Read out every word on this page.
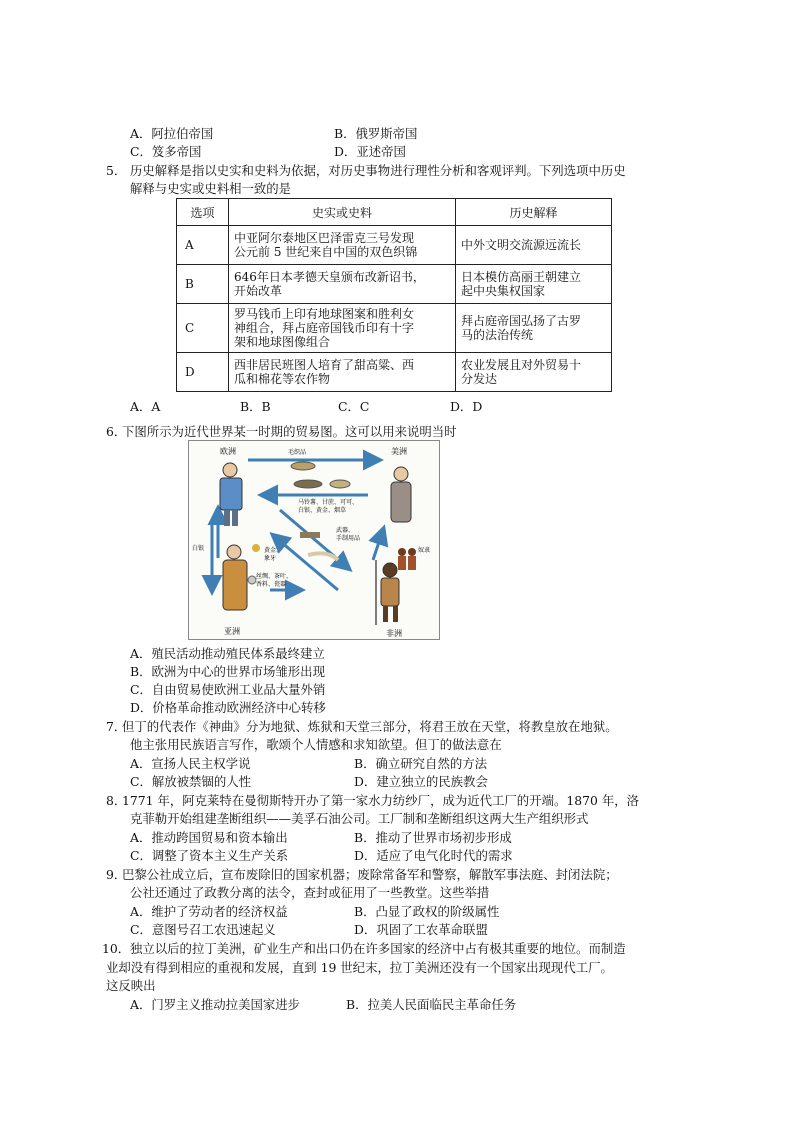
A．阿拉伯帝国	B．俄罗斯帝国
C．笈多帝国	D．亚述帝国
5． 历史解释是指以史实和史料为依据，对历史事物进行理性分析和客观评判。下列选项中历史
解释与史实或史料相一致的是
选项	史实或史料	历史解释
A	中亚阿尔泰地区巴泽雷克三号发现
公元前 5 世纪来自中国的双色织锦	中外文明交流源远流长
B	646年日本孝德天皇颁布改新诏书，
开始改革	日本模仿高丽王朝建立
起中央集权国家
C	罗马钱币上印有地球图案和胜利女
神组合，拜占庭帝国钱币印有十字
架和地球图像组合	拜占庭帝国弘扬了古罗
马的法治传统
D	西非居民班图人培育了甜高粱、西
瓜和棉花等农作物	农业发展且对外贸易十
分发达
A．A	B．B	C．C	D．D
6．
下图所示为近代世界某一时期的贸易图。这可以用来说明当时
欧洲	美洲
亚洲	非洲
毛织品
马铃薯、甘蔗、可可、
白银、黄金、烟草
武器、
手制用品
黄金、
象牙
白银
丝绸、茶叶、
香料、瓷器
奴隶
A．殖民活动推动殖民体系最终建立
B．欧洲为中心的世界市场雏形出现
C．自由贸易使欧洲工业品大量外销
D．价格革命推动欧洲经济中心转移
7．
但丁的代表作《神曲》分为地狱、炼狱和天堂三部分，将君王放在天堂，将教皇放在地狱。
他主张用民族语言写作，歌颂个人情感和求知欲望。但丁的做法意在
A．宣扬人民主权学说	B．确立研究自然的方法
C．解放被禁锢的人性	D．建立独立的民族教会
8．
1771 年，阿克莱特在曼彻斯特开办了第一家水力纺纱厂，成为近代工厂的开端。1870 年，洛
克菲勒开始组建垄断组织——美孚石油公司。工厂制和垄断组织这两大生产组织形式
A．推动跨国贸易和资本输出	B．推动了世界市场初步形成
C．调整了资本主义生产关系	D．适应了电气化时代的需求
9．
巴黎公社成立后，宣布废除旧的国家机器；废除常备军和警察，解散军事法庭、封闭法院；
公社还通过了政教分离的法令，查封或征用了一些教堂。这些举措
A．维护了劳动者的经济权益	B．凸显了政权的阶级属性
C．意图号召工农迅速起义	D．巩固了工农革命联盟
10． 独立以后的拉丁美洲，矿业生产和出口仍在许多国家的经济中占有极其重要的地位。而制造
业却没有得到相应的重视和发展，直到 19 世纪末，拉丁美洲还没有一个国家出现现代工厂。
这反映出
A．门罗主义推动拉美国家进步	B．拉美人民面临民主革命任务
